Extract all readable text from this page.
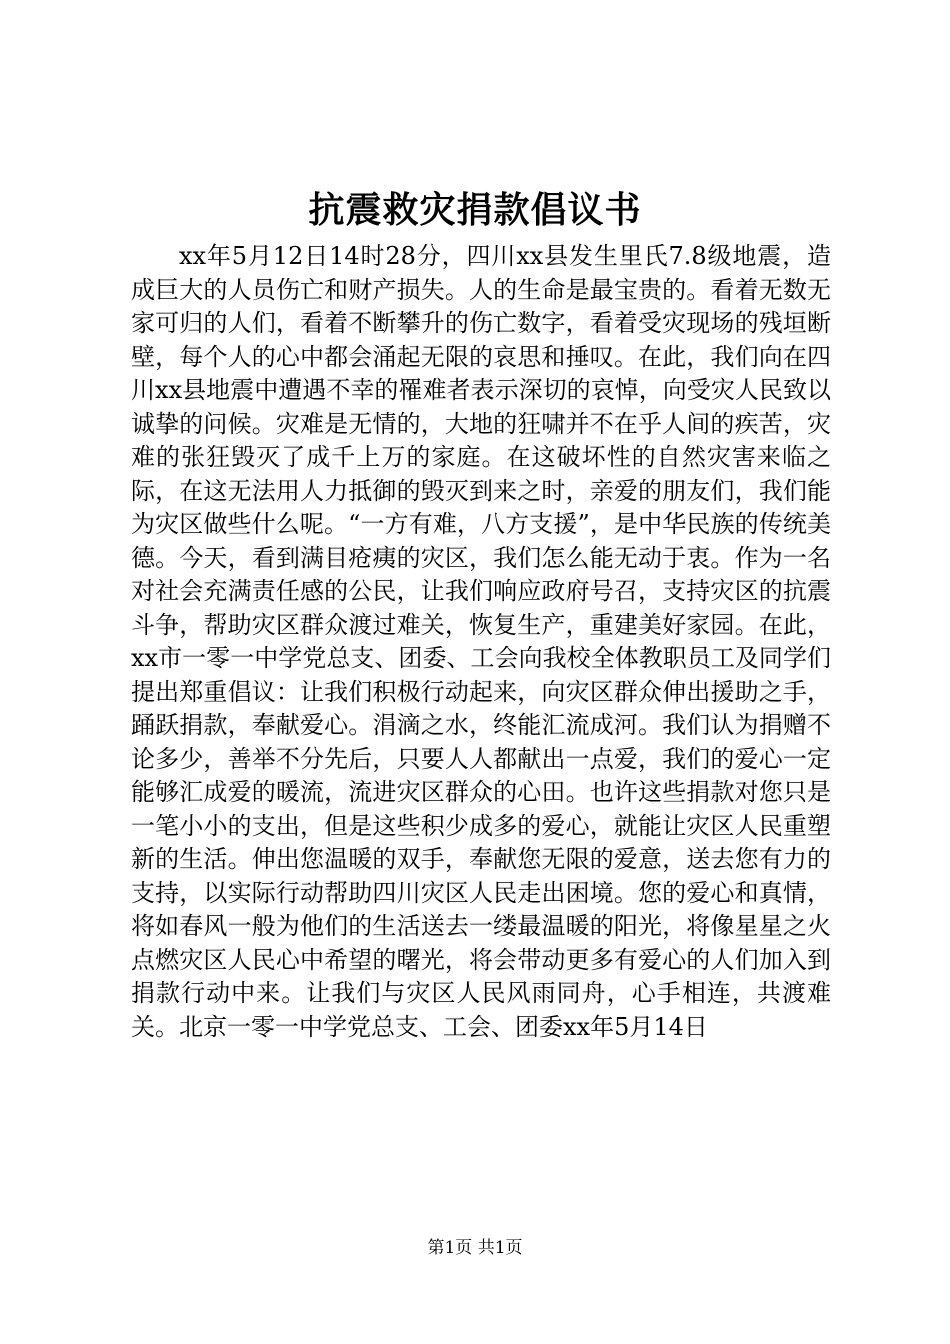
抗震救灾捐款倡议书

xx年5月12日14时28分，四川xx县发生里氏7.8级地震，造成巨大的人员伤亡和财产损失。人的生命是最宝贵的。看着无数无家可归的人们，看着不断攀升的伤亡数字，看着受灾现场的残垣断壁，每个人的心中都会涌起无限的哀思和捶叹。在此，我们向在四川xx县地震中遭遇不幸的罹难者表示深切的哀悼，向受灾人民致以诚挚的问候。灾难是无情的，大地的狂啸并不在乎人间的疾苦，灾难的张狂毁灭了成千上万的家庭。在这破坏性的自然灾害来临之际，在这无法用人力抵御的毁灭到来之时，亲爱的朋友们，我们能为灾区做些什么呢。“一方有难，八方支援”，是中华民族的传统美德。今天，看到满目疮痍的灾区，我们怎么能无动于衷。作为一名对社会充满责任感的公民，让我们响应政府号召，支持灾区的抗震斗争，帮助灾区群众渡过难关，恢复生产，重建美好家园。在此，xx市一零一中学党总支、团委、工会向我校全体教职员工及同学们提出郑重倡议：让我们积极行动起来，向灾区群众伸出援助之手，踊跃捐款，奉献爱心。涓滴之水，终能汇流成河。我们认为捐赠不论多少，善举不分先后，只要人人都献出一点爱，我们的爱心一定能够汇成爱的暖流，流进灾区群众的心田。也许这些捐款对您只是一笔小小的支出，但是这些积少成多的爱心，就能让灾区人民重塑新的生活。伸出您温暖的双手，奉献您无限的爱意，送去您有力的支持，以实际行动帮助四川灾区人民走出困境。您的爱心和真情，将如春风一般为他们的生活送去一缕最温暖的阳光，将像星星之火点燃灾区人民心中希望的曙光，将会带动更多有爱心的人们加入到捐款行动中来。让我们与灾区人民风雨同舟，心手相连，共渡难关。北京一零一中学党总支、工会、团委xx年5月14日

第1页 共1页
